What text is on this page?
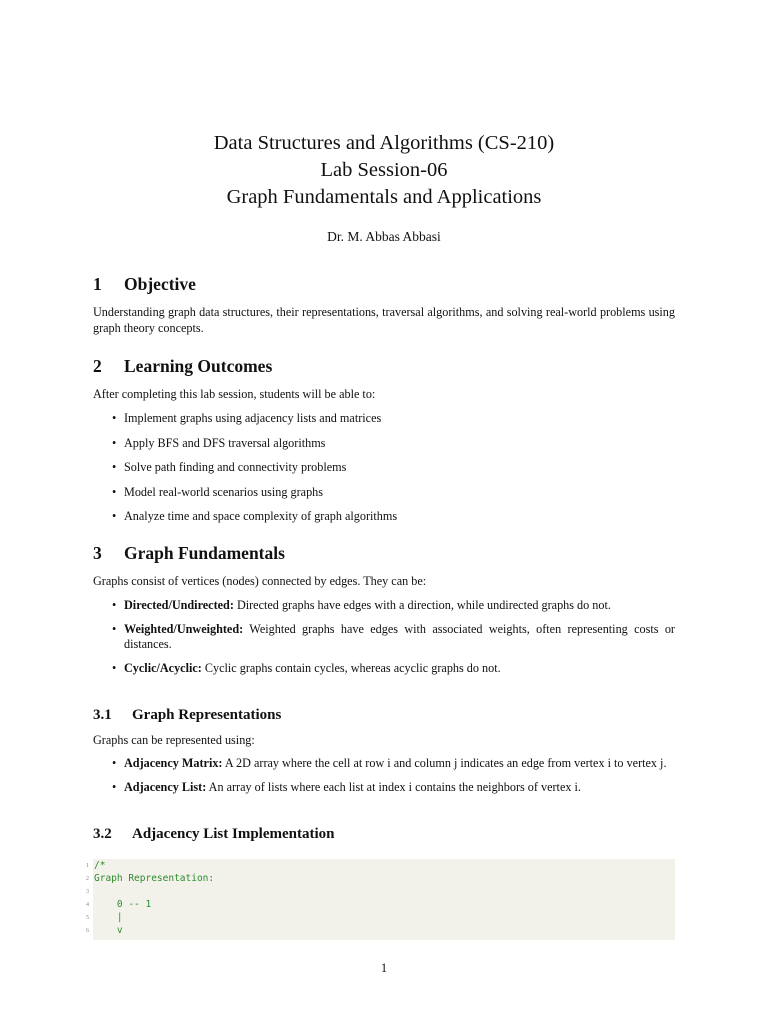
Data Structures and Algorithms (CS-210)
Lab Session-06
Graph Fundamentals and Applications
Dr. M. Abbas Abbasi
1 Objective
Understanding graph data structures, their representations, traversal algorithms, and solving real-world problems using graph theory concepts.
2 Learning Outcomes
After completing this lab session, students will be able to:
• Implement graphs using adjacency lists and matrices
• Apply BFS and DFS traversal algorithms
• Solve path finding and connectivity problems
• Model real-world scenarios using graphs
• Analyze time and space complexity of graph algorithms
3 Graph Fundamentals
Graphs consist of vertices (nodes) connected by edges. They can be:
• Directed/Undirected: Directed graphs have edges with a direction, while undirected graphs do not.
• Weighted/Unweighted: Weighted graphs have edges with associated weights, often representing costs or distances.
• Cyclic/Acyclic: Cyclic graphs contain cycles, whereas acyclic graphs do not.
3.1 Graph Representations
Graphs can be represented using:
• Adjacency Matrix: A 2D array where the cell at row i and column j indicates an edge from vertex i to vertex j.
• Adjacency List: An array of lists where each list at index i contains the neighbors of vertex i.
3.2 Adjacency List Implementation
1
2
3
4
5
6
/*
Graph Representation:
0 -- 1
|
v
1
